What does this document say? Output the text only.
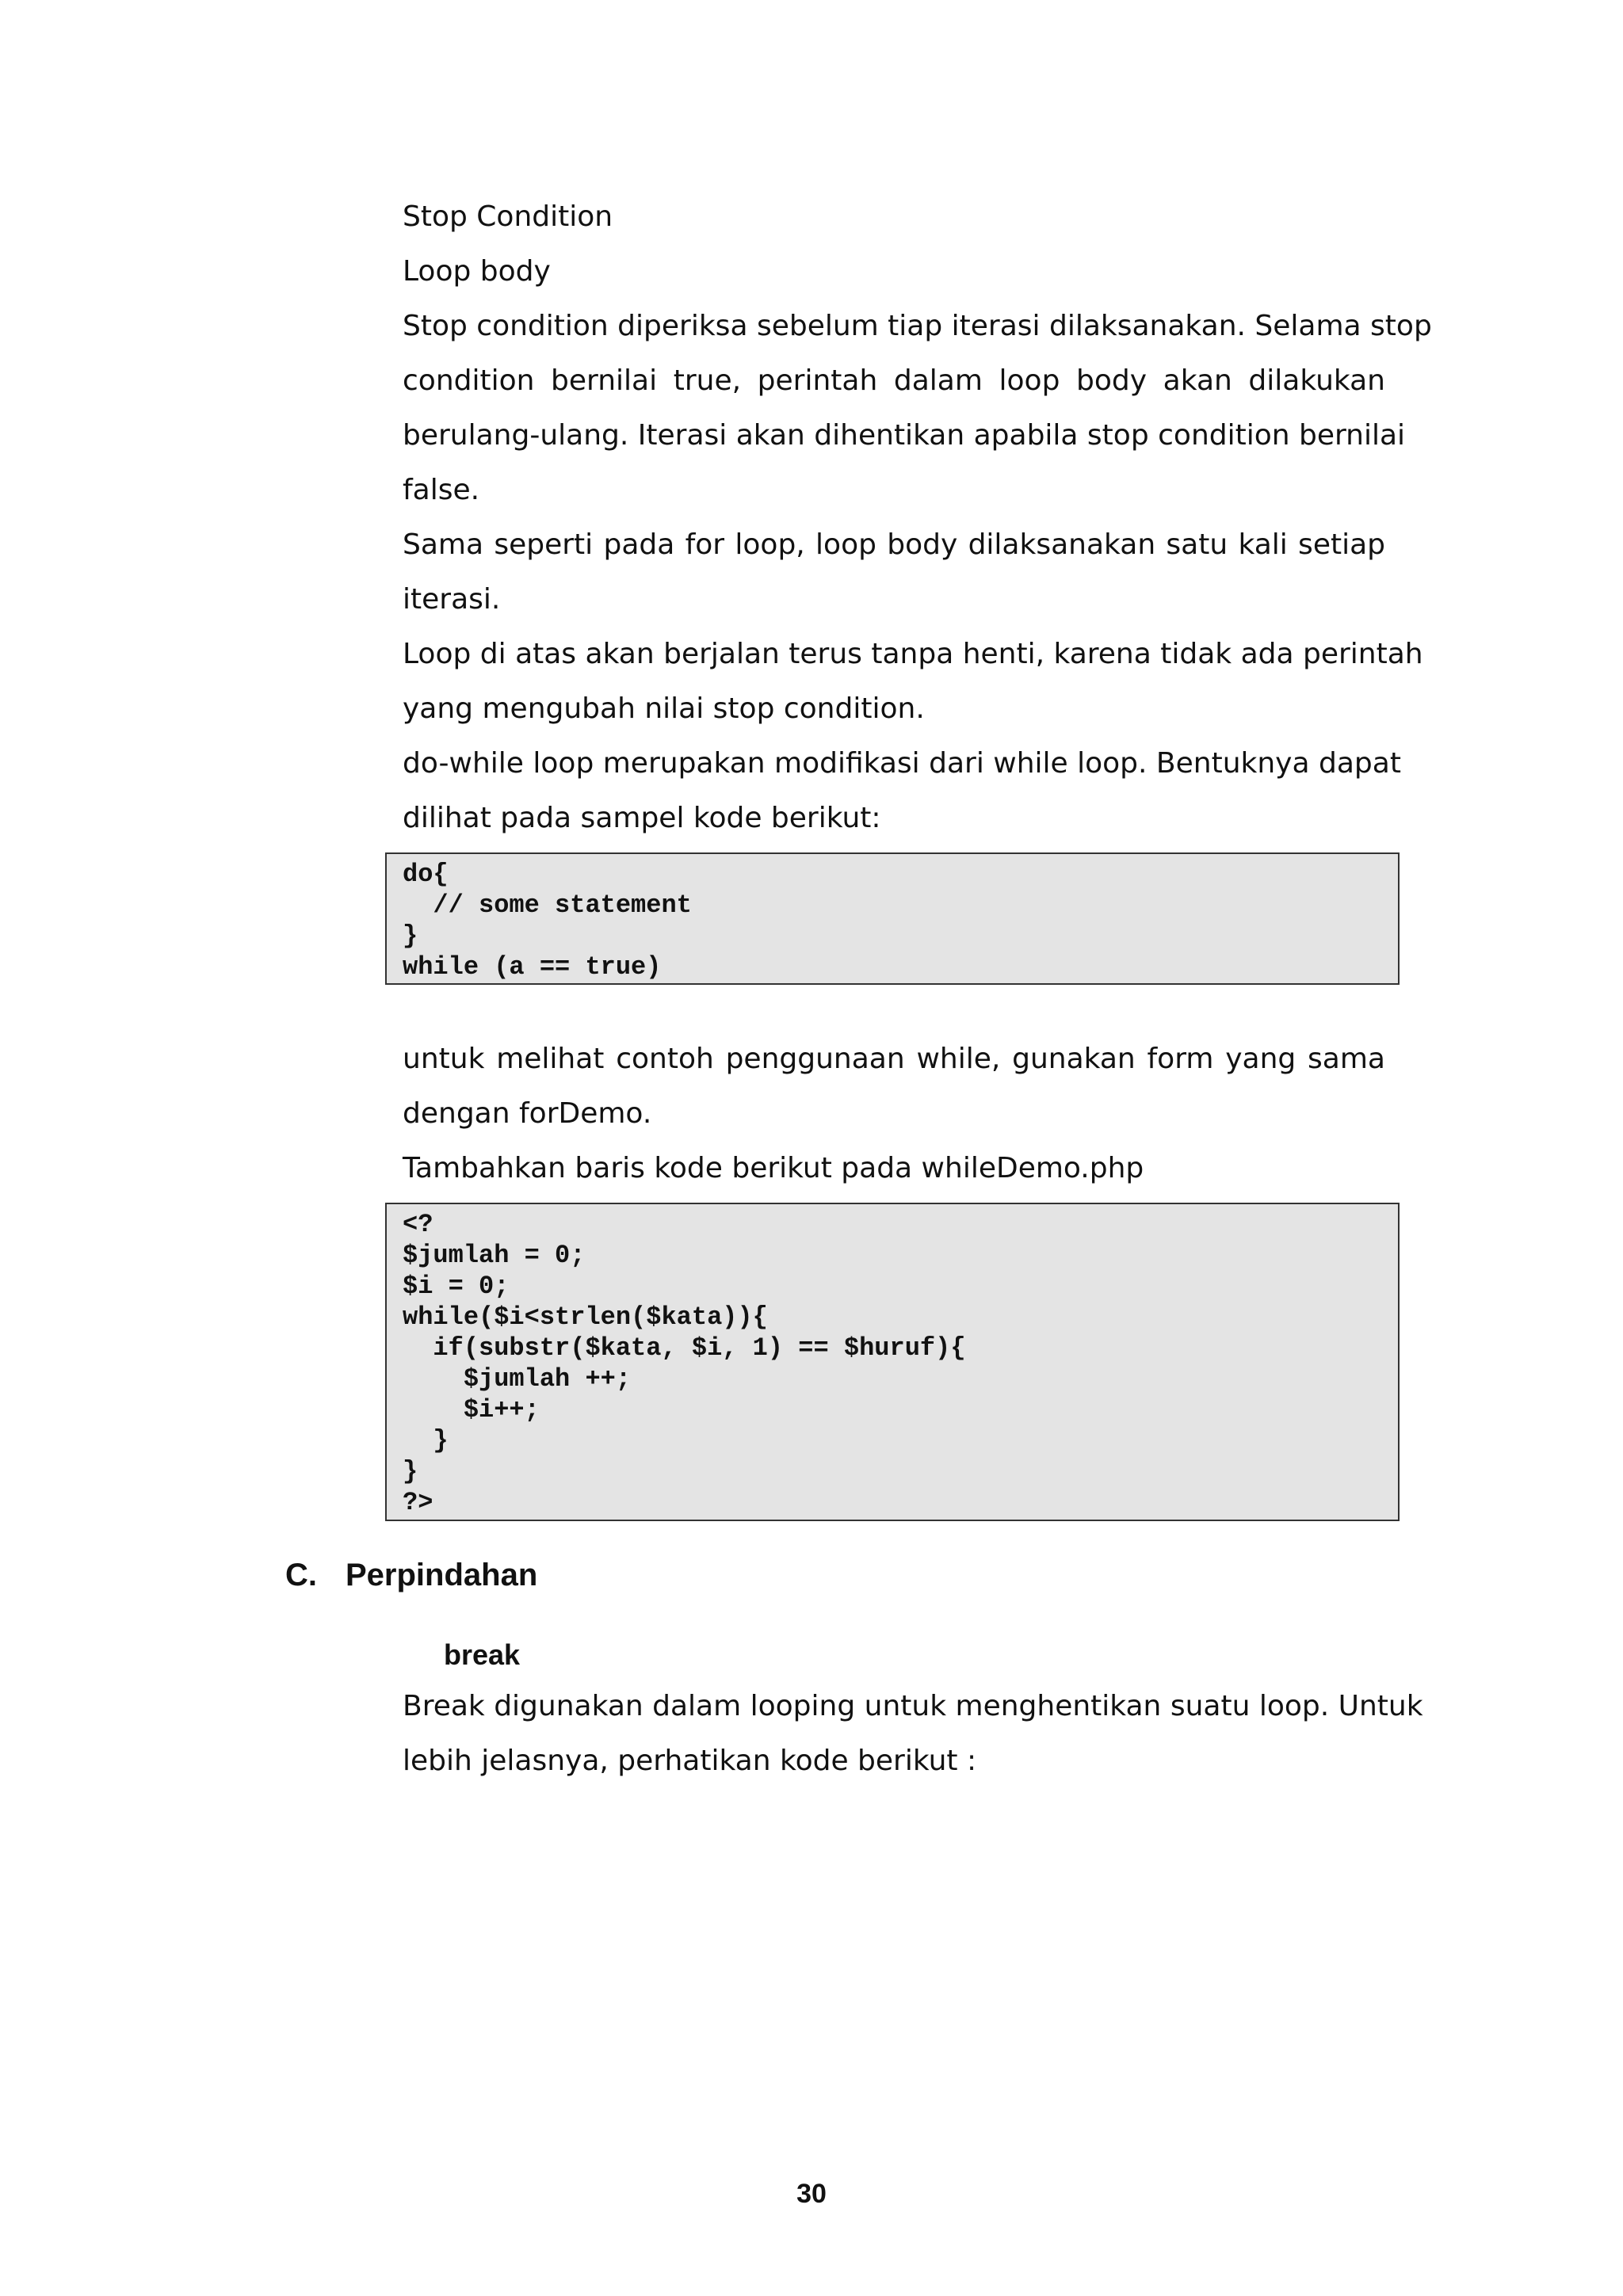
Stop Condition
Loop body
Stop condition diperiksa sebelum tiap iterasi dilaksanakan. Selama stop
condition bernilai true, perintah dalam loop body akan dilakukan
berulang-ulang. Iterasi akan dihentikan apabila stop condition bernilai
false.
Sama seperti pada for loop, loop body dilaksanakan satu kali setiap
iterasi.
Loop di atas akan berjalan terus tanpa henti, karena tidak ada perintah
yang mengubah nilai stop condition.
do-while loop merupakan modifikasi dari while loop. Bentuknya dapat
dilihat pada sampel kode berikut:
do{
// some statement
}
while (a == true)
untuk melihat contoh penggunaan while, gunakan form yang sama
dengan forDemo.
Tambahkan baris kode berikut pada whileDemo.php
<?
$jumlah = 0;
$i = 0;
while($i<strlen($kata)){
if(substr($kata, $i, 1) == $huruf){
$jumlah ++;
$i++;
}
}
?>
C. Perpindahan
break
Break digunakan dalam looping untuk menghentikan suatu loop. Untuk
lebih jelasnya, perhatikan kode berikut :
30
